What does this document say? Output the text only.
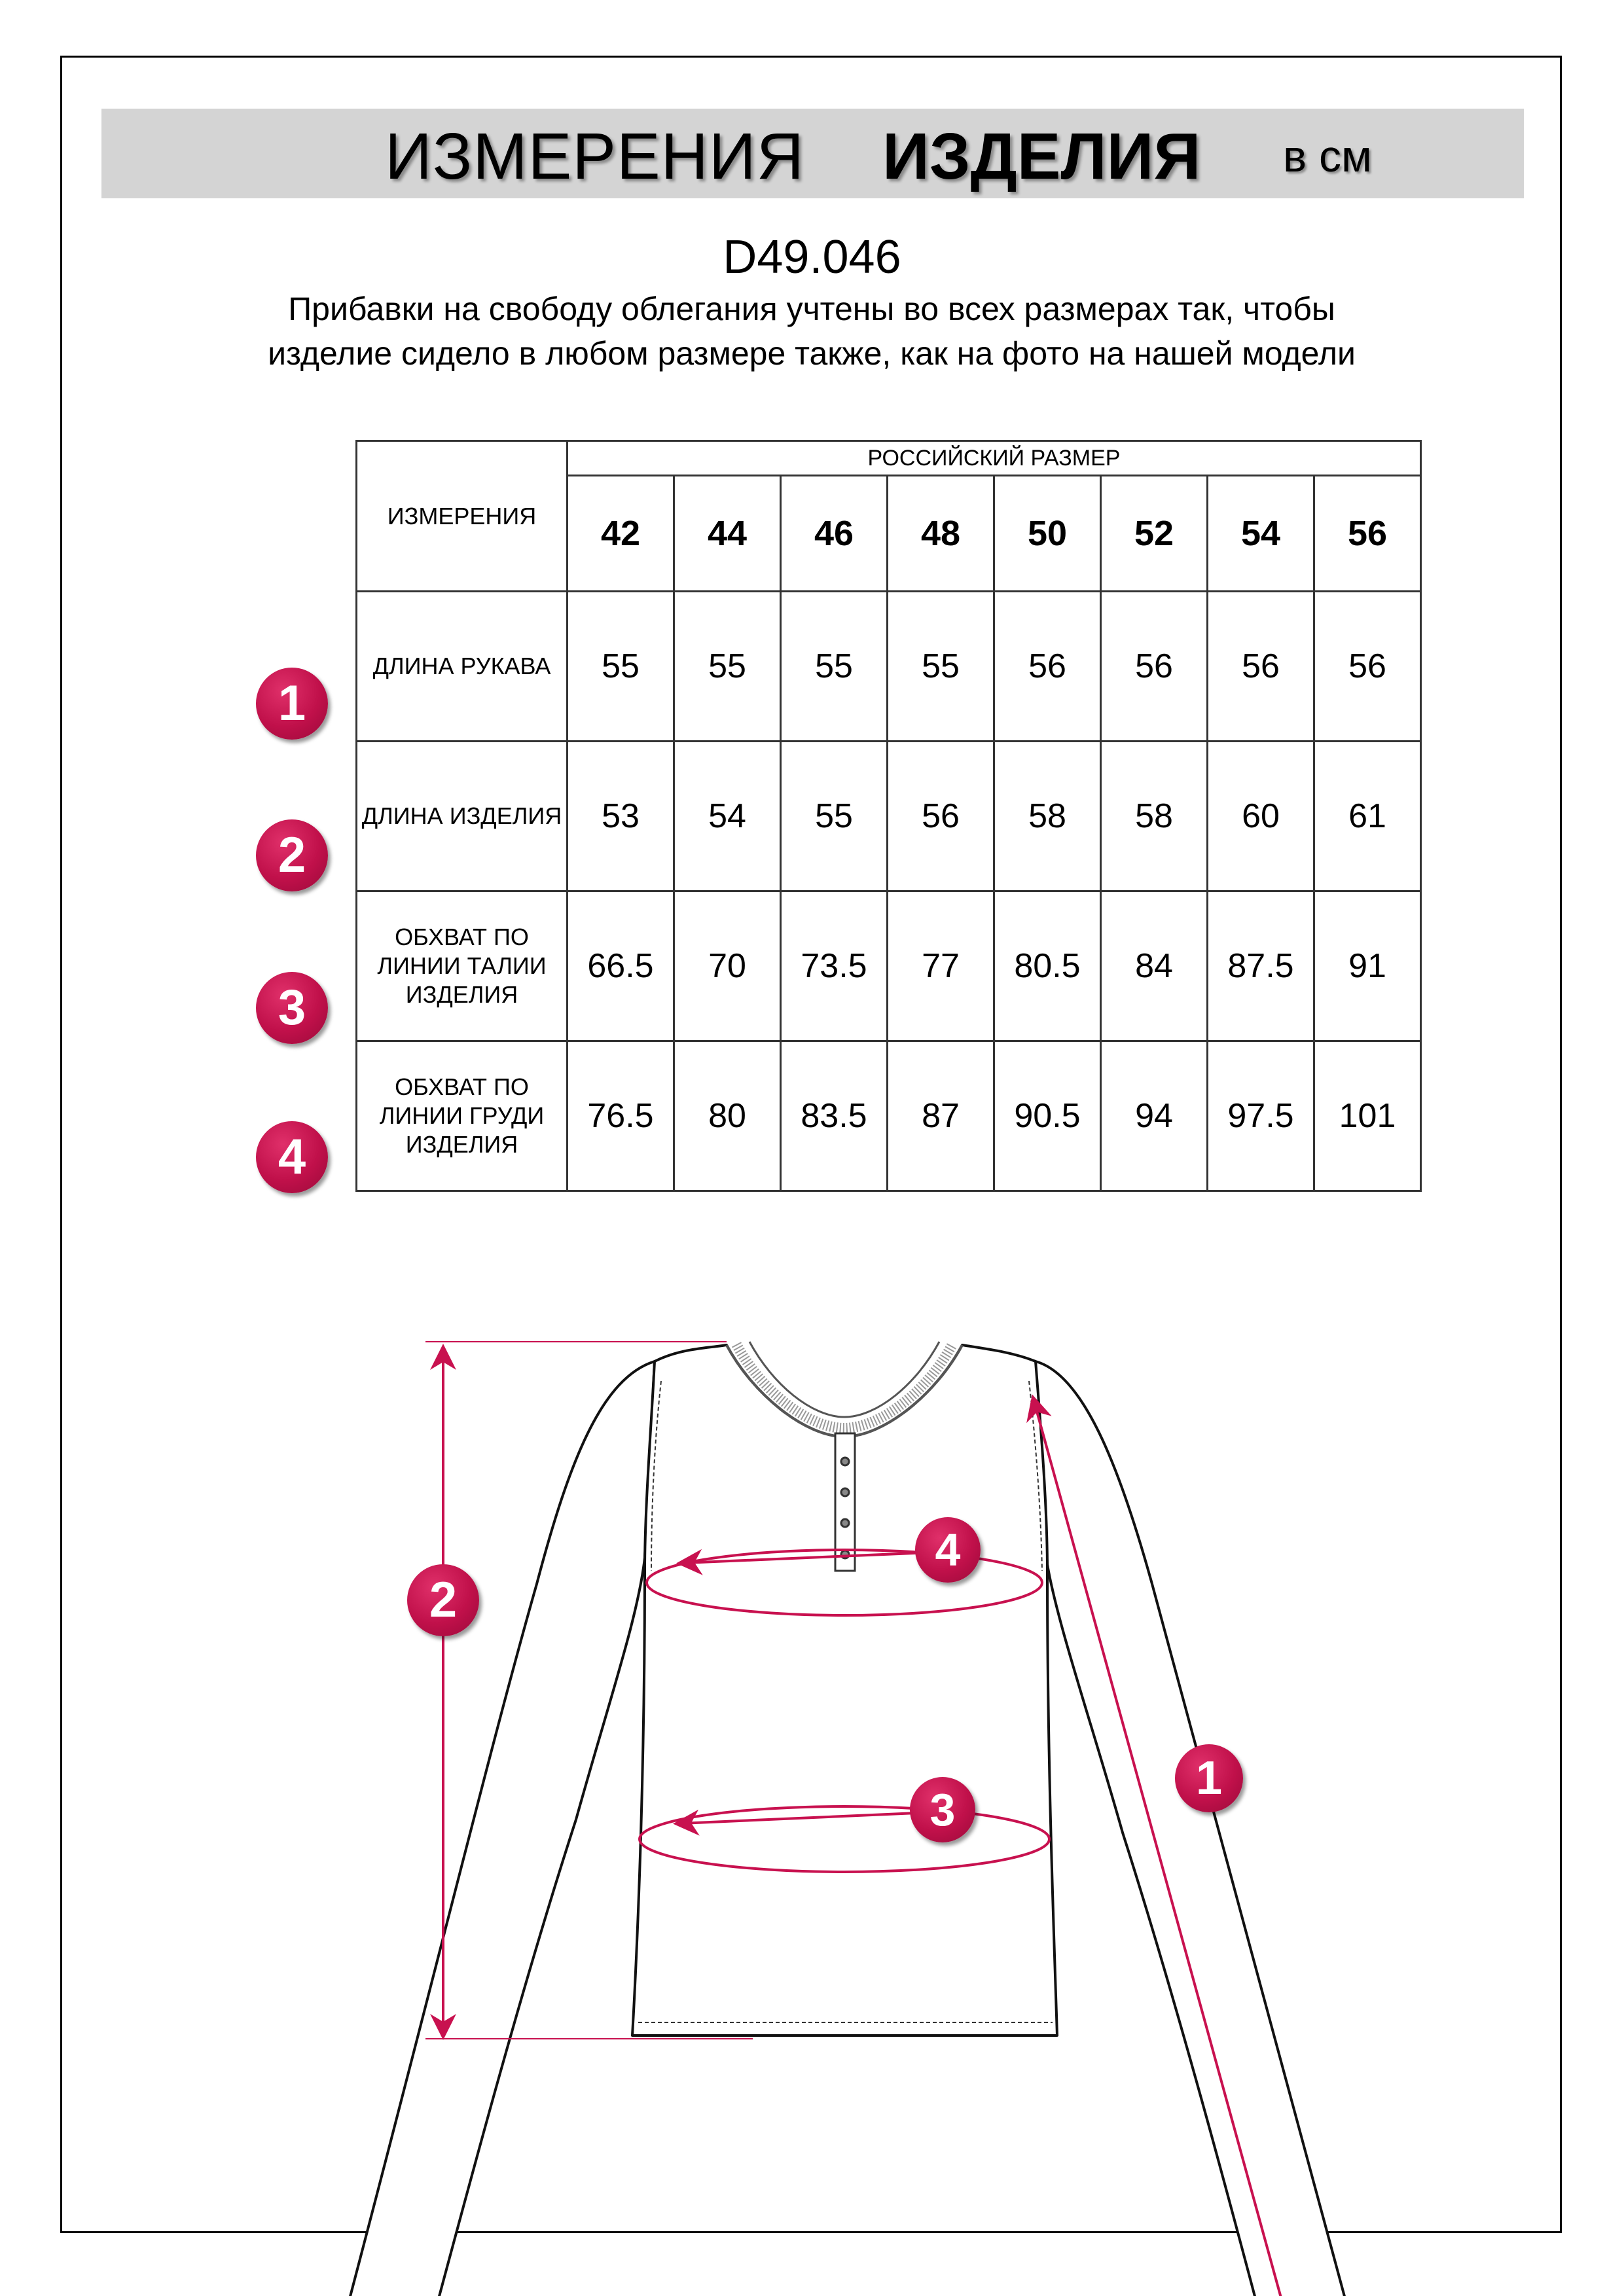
ИЗМЕРЕНИЯ ИЗДЕЛИЯ в см
D49.046
Прибавки на свободу облегания учтены во всех размерах так, чтобы изделие сидело в любом размере также, как на фото на нашей модели
ИЗМЕРЕНИЯ	РОССИЙСКИЙ РАЗМЕР							
	42	44	46	48	50	52	54	56
ДЛИНА РУКАВА	55	55	55	55	56	56	56	56
ДЛИНА ИЗДЕЛИЯ	53	54	55	56	58	58	60	61
ОБХВАТ ПО ЛИНИИ ТАЛИИ ИЗДЕЛИЯ	66.5	70	73.5	77	80.5	84	87.5	91
ОБХВАТ ПО ЛИНИИ ГРУДИ ИЗДЕЛИЯ	76.5	80	83.5	87	90.5	94	97.5	101
1
2
3
4
2
4
3
1
